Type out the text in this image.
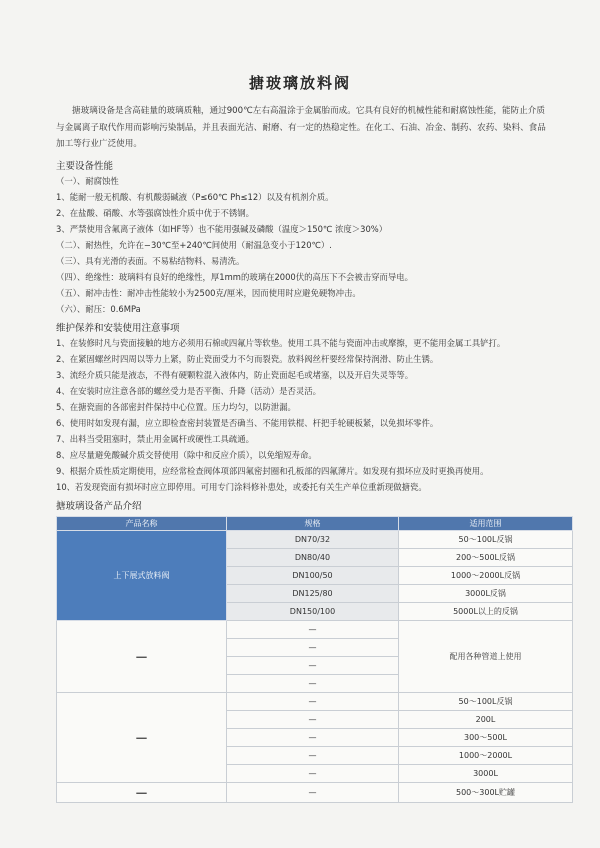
搪玻璃放料阀
搪玻璃设备是含高硅量的玻璃质釉，通过900℃左右高温涂于金属胎而成。它具有良好的机械性能和耐腐蚀性能，能防止介质
与金属离子取代作用而影响污染制品，并且表面光洁、耐磨、有一定的热稳定性。在化工、石油、冶金、制药、农药、染料、食品
加工等行业广泛使用。
主要设备性能
（一）、耐腐蚀性
1、能耐一般无机酸、有机酸弱碱液（P≤60℃ Ph≤12）以及有机剂介质。
2、在盐酸、硝酸、水等强腐蚀性介质中优于不锈钢。
3、严禁使用含氟离子液体（如HF等）也不能用强碱及磷酸（温度＞150℃ 浓度＞30%）
（二）、耐热性，允许在−30℃至+240℃间使用（耐温急变小于120℃）.
（三）、具有光滑的表面。不易粘结物料、易清洗。
（四）、绝缘性：玻璃料有良好的绝缘性，厚1mm的玻璃在2000伏的高压下不会被击穿而导电。
（五）、耐冲击性：耐冲击性能较小为2500克/厘米，因而使用时应避免硬物冲击。
（六）、耐压：0.6MPa
维护保养和安装使用注意事项
1、在装修时凡与瓷面接触的地方必须用石棉或四氟片等软垫。使用工具不能与瓷面冲击或摩擦，更不能用金属工具铲打。
2、在紧固螺丝时四周以等力上紧，防止瓷面受力不匀而裂瓷。放料阀丝杆要经常保持润滑、防止生锈。
3、流经介质只能是液态，不得有硬颗粒混入液体内，防止瓷面起毛或堵塞，以及开启失灵等等。
4、在安装时应注意各部的螺丝受力是否平衡、升降（活动）是否灵活。
5、在搪瓷面的各部密封件保持中心位置。压力均匀，以防泄漏。
6、使用时如发现有漏，应立即检查密封装置是否确当、不能用铁棍、杆把手轮硬板紧，以免损坏零件。
7、出料当受阻塞时，禁止用金属杆或硬性工具疏通。
8、应尽量避免酸碱介质交替使用（除中和反应介质），以免缩短寿命。
9、根据介质性质定期使用，应经常检查阀体项部四氟密封圈和孔板部的四氟薄片。如发现有损坏应及时更换再使用。
10、若发现瓷面有损坏时应立即停用。可用专门涂料修补患处，或委托有关生产单位重新现做搪瓷。
搪玻璃设备产品介绍
产品名称	规格	适用范围
上下展式放料阀	DN70/32	50～100L反锅
	DN80/40	200～500L反锅
	DN100/50	1000～2000L反锅
	DN125/80	3000L反锅
	DN150/100	5000L以上的反锅
－	—	配用各种管道上使用
	—	
	—	
	—	
－	—	50～100L反锅
	—	200L
	—	300～500L
	—	1000～2000L
	—	3000L
－	—	500～300L贮罐
